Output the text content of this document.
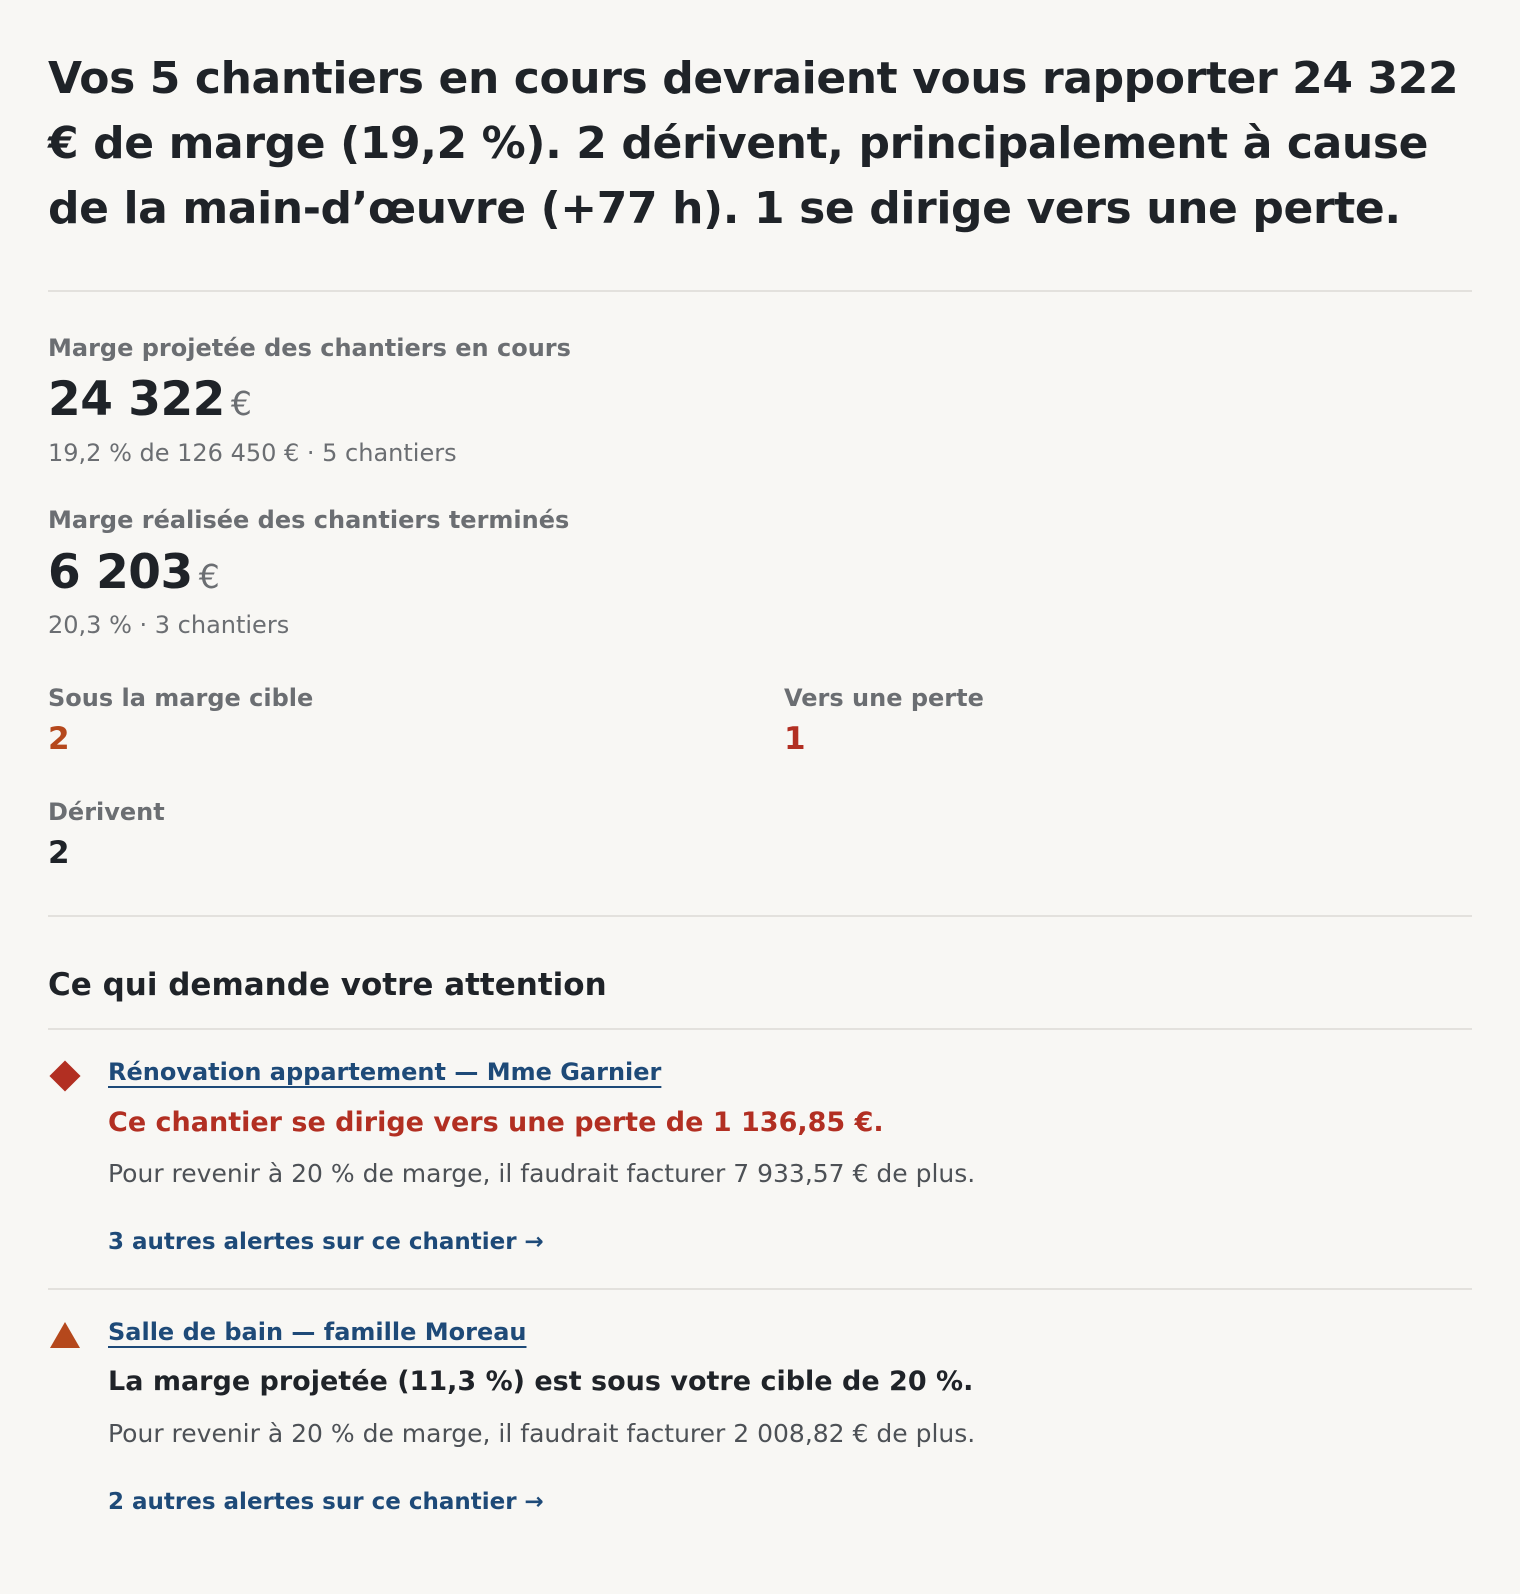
Vos 5 chantiers en cours devraient vous rapporter 24 322 € de marge (19,2 %). 2 dérivent, principalement à cause de la main-d’œuvre (+77 h). 1 se dirige vers une perte.
Marge projetée des chantiers en cours
24 322 €
19,2 % de 126 450 € · 5 chantiers
Marge réalisée des chantiers terminés
6 203 €
20,3 % · 3 chantiers
Sous la marge cible
2
Vers une perte
1
Dérivent
2
Ce qui demande votre attention
Rénovation appartement — Mme Garnier
Ce chantier se dirige vers une perte de 1 136,85 €.
Pour revenir à 20 % de marge, il faudrait facturer 7 933,57 € de plus.
3 autres alertes sur ce chantier →
Salle de bain — famille Moreau
La marge projetée (11,3 %) est sous votre cible de 20 %.
Pour revenir à 20 % de marge, il faudrait facturer 2 008,82 € de plus.
2 autres alertes sur ce chantier →
